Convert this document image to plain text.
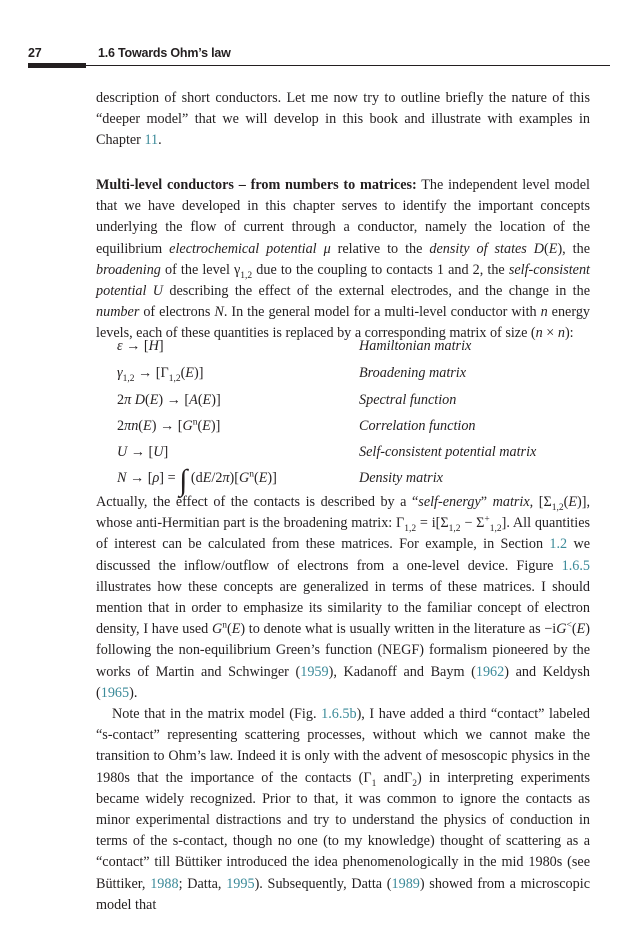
27	1.6 Towards Ohm’s law

description of short conductors. Let me now try to outline briefly the nature of this “deeper model” that we will develop in this book and illustrate with examples in Chapter 11.

Multi-level conductors – from numbers to matrices: The independent level model that we have developed in this chapter serves to identify the important concepts underlying the flow of current through a conductor, namely the location of the equilibrium electrochemical potential μ relative to the density of states D(E), the broadening of the level $\gamma_{1,2}$ due to the coupling to contacts 1 and 2, the self-consistent potential U describing the effect of the external electrodes, and the change in the number of electrons N. In the general model for a multi-level conductor with n energy levels, each of these quantities is replaced by a corresponding matrix of size (n × n):

ε → [H]	Hamiltonian matrix
$\gamma_{1,2} \to [\Gamma_{1,2}(E)]$	Broadening matrix
2π D(E) → [A(E)]	Spectral function
$2\pi n(E) \to [G^n(E)]$	Correlation function
U → [U]	Self-consistent potential matrix
N → [ρ] = ∫ $(dE/2\pi)[G^n(E)]$	Density matrix

Actually, the effect of the contacts is described by a “self-energy” matrix, $[\Sigma_{1,2}(E)]$, whose anti-Hermitian part is the broadening matrix: $\Gamma_{1,2} = i[\Sigma_{1,2} - \Sigma^+_{1,2}]$. All quantities of interest can be calculated from these matrices. For example, in Section 1.2 we discussed the inflow/outflow of electrons from a one-level device. Figure 1.6.5 illustrates how these concepts are generalized in terms of these matrices. I should mention that in order to emphasize its similarity to the familiar concept of electron density, I have used $G^n(E)$ to denote what is usually written in the literature as −iG<(E) following the non-equilibrium Green’s function (NEGF) formalism pioneered by the works of Martin and Schwinger (1959), Kadanoff and Baym (1962) and Keldysh (1965).

Note that in the matrix model (Fig. 1.6.5b), I have added a third “contact” labeled “s-contact” representing scattering processes, without which we cannot make the transition to Ohm’s law. Indeed it is only with the advent of mesoscopic physics in the 1980s that the importance of the contacts ($\Gamma_1$ andΓ$_2$) in interpreting experiments became widely recognized. Prior to that, it was common to ignore the contacts as minor experimental distractions and try to understand the physics of conduction in terms of the s-contact, though no one (to my knowledge) thought of scattering as a “contact” till Büttiker introduced the idea phenomenologically in the mid 1980s (see Büttiker, 1988; Datta, 1995). Subsequently, Datta (1989) showed from a microscopic model that
